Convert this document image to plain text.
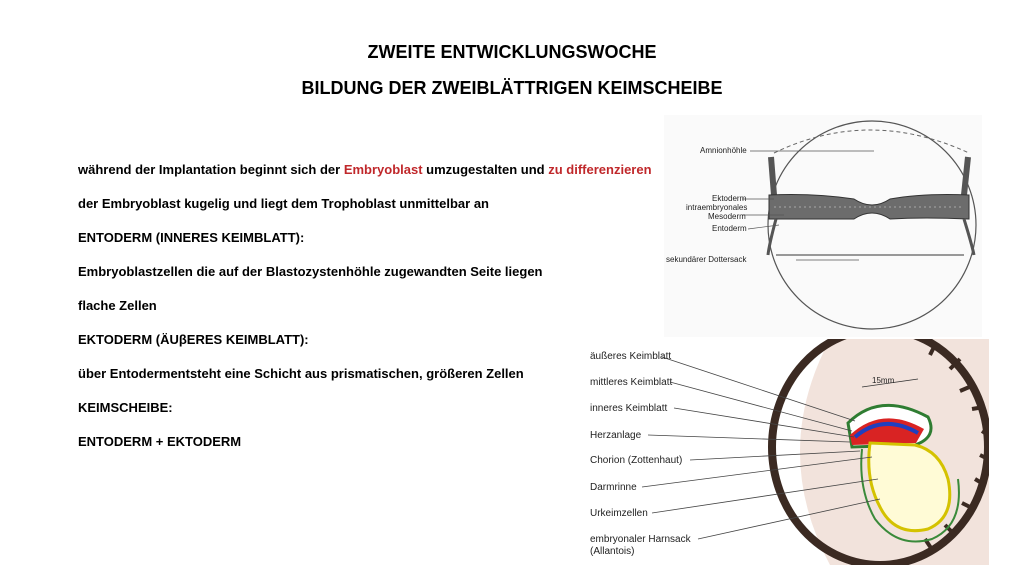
ZWEITE ENTWICKLUNGSWOCHE
BILDUNG DER ZWEIBLÄTTRIGEN KEIMSCHEIBE
während der Implantation beginnt sich der Embryoblast umzugestalten und zu differenzieren
der Embryoblast kugelig und liegt dem Trophoblast unmittelbar an
ENTODERM (INNERES KEIMBLATT):
Embryoblastzellen die auf der Blastozystenhöhle zugewandten Seite liegen
flache Zellen
EKTODERM (ÄUβERES KEIMBLATT):
über Entodermentsteht eine Schicht aus prismatischen, größeren Zellen
KEIMSCHEIBE:
ENTODERM + EKTODERM
Amnionhöhle
Ektoderm
intraembryonales
Mesoderm
Entoderm
sekundärer Dottersack
15mm
äußeres Keimblatt
mittleres Keimblatt
inneres Keimblatt
Herzanlage
Chorion (Zottenhaut)
Darmrinne
Urkeimzellen
embryonaler Harnsack
(Allantois)
